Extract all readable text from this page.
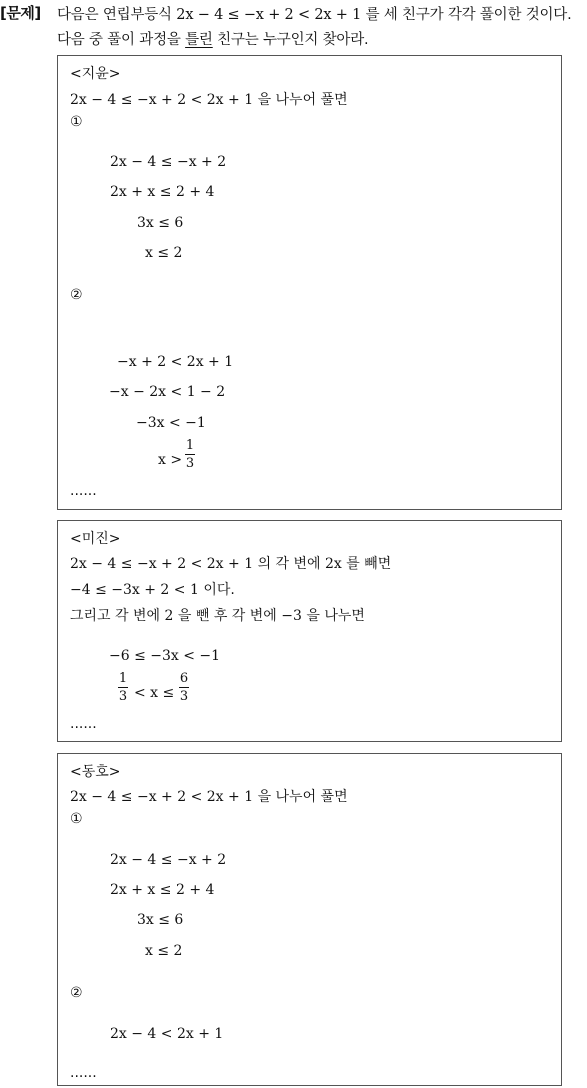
[문제] 다음은 연립부등식 2x − 4 ≤ −x + 2 < 2x + 1 를 세 친구가 각각 풀이한 것이다.
다음 중 풀이 과정을 틀린 친구는 누구인지 찾아라.
<지윤>
2x − 4 ≤ −x + 2 < 2x + 1 을 나누어 풀면
①
2x − 4 ≤ −x + 2
2x + x ≤ 2 + 4
3x ≤ 6
x ≤ 2
②
−x + 2 < 2x + 1
−x − 2x < 1 − 2
−3x < −1
x >
1
3
......
<미진>
2x − 4 ≤ −x + 2 < 2x + 1 의 각 변에 2x 를 빼면
−4 ≤ −3x + 2 < 1 이다.
그리고 각 변에 2 을 뺀 후 각 변에 −3 을 나누면
−6 ≤ −3x < −1
1
3 < x ≤
6
3
......
<동호>
2x − 4 ≤ −x + 2 < 2x + 1 을 나누어 풀면
①
2x − 4 ≤ −x + 2
2x + x ≤ 2 + 4
3x ≤ 6
x ≤ 2
②
2x − 4 < 2x + 1
......
